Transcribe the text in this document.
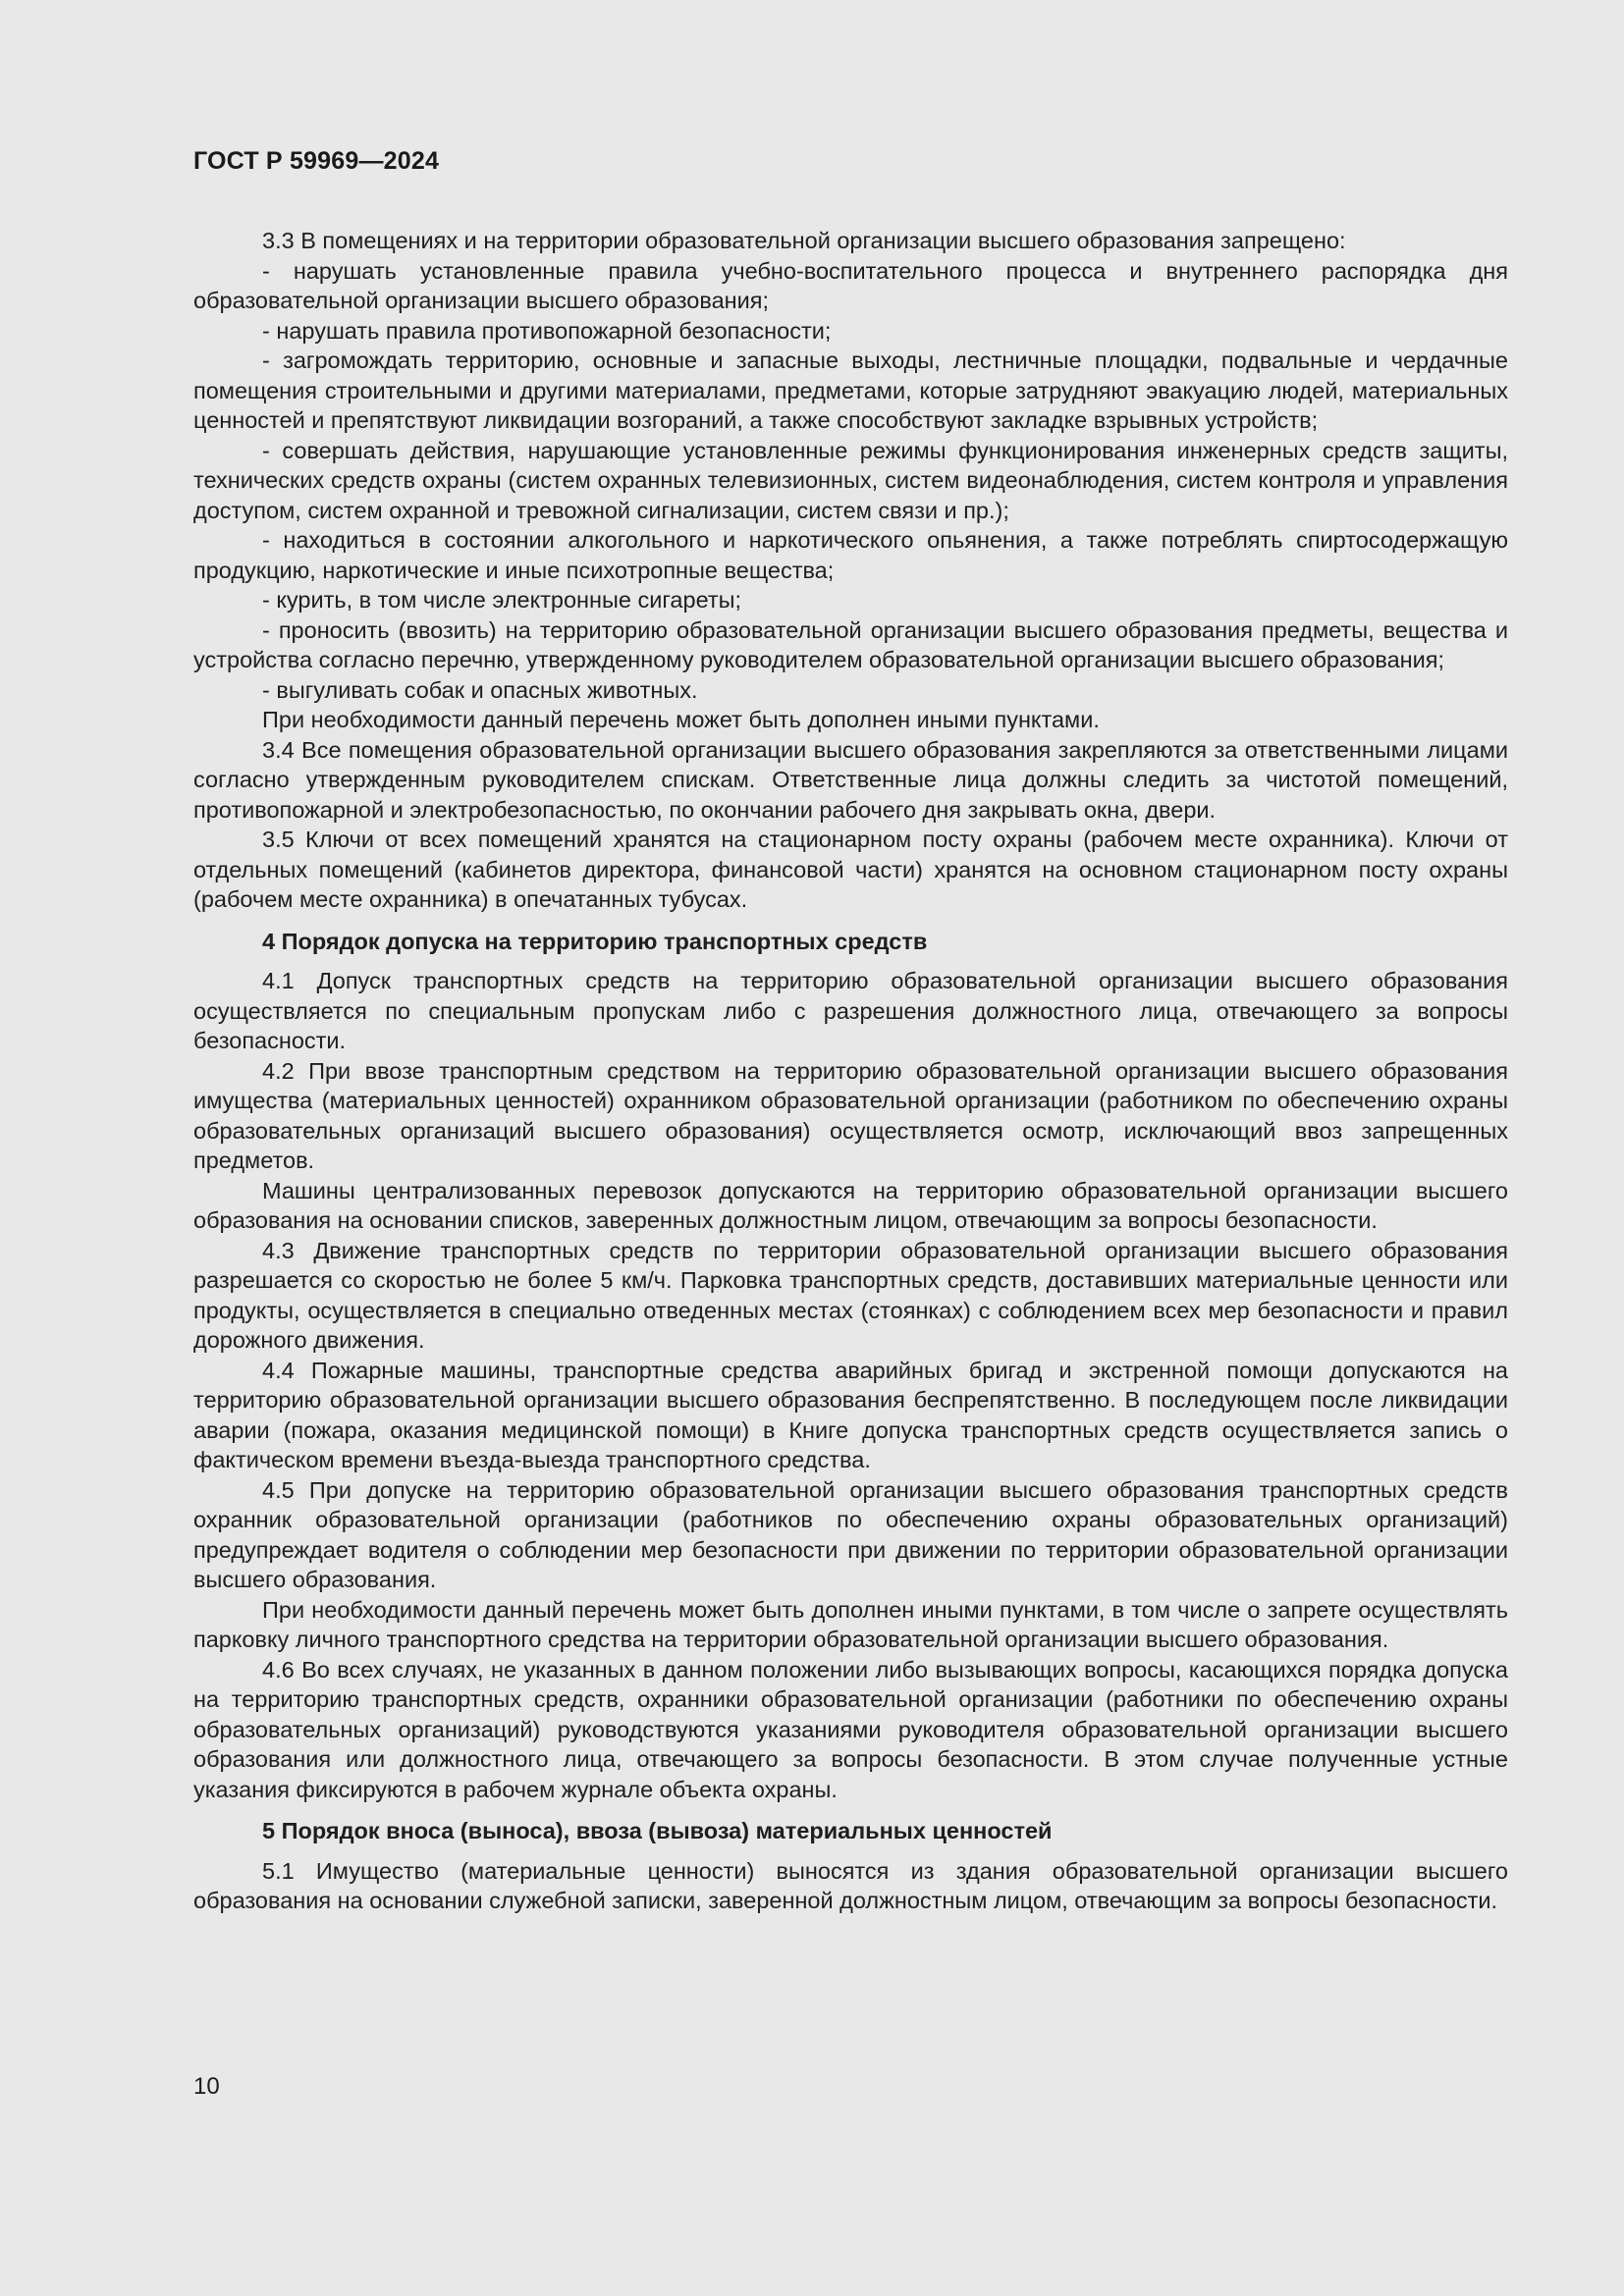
ГОСТ Р 59969—2024

3.3 В помещениях и на территории образовательной организации высшего образования запрещено:

- нарушать установленные правила учебно-воспитательного процесса и внутреннего распорядка дня образовательной организации высшего образования;

- нарушать правила противопожарной безопасности;

- загромождать территорию, основные и запасные выходы, лестничные площадки, подвальные и чердачные помещения строительными и другими материалами, предметами, которые затрудняют эвакуацию людей, материальных ценностей и препятствуют ликвидации возгораний, а также способствуют закладке взрывных устройств;

- совершать действия, нарушающие установленные режимы функционирования инженерных средств защиты, технических средств охраны (систем охранных телевизионных, систем видеонаблюдения, систем контроля и управления доступом, систем охранной и тревожной сигнализации, систем связи и пр.);

- находиться в состоянии алкогольного и наркотического опьянения, а также потреблять спиртосодержащую продукцию, наркотические и иные психотропные вещества;

- курить, в том числе электронные сигареты;

- проносить (ввозить) на территорию образовательной организации высшего образования предметы, вещества и устройства согласно перечню, утвержденному руководителем образовательной организации высшего образования;

- выгуливать собак и опасных животных.

При необходимости данный перечень может быть дополнен иными пунктами.

3.4 Все помещения образовательной организации высшего образования закрепляются за ответственными лицами согласно утвержденным руководителем спискам. Ответственные лица должны следить за чистотой помещений, противопожарной и электробезопасностью, по окончании рабочего дня закрывать окна, двери.

3.5 Ключи от всех помещений хранятся на стационарном посту охраны (рабочем месте охранника). Ключи от отдельных помещений (кабинетов директора, финансовой части) хранятся на основном стационарном посту охраны (рабочем месте охранника) в опечатанных тубусах.

4 Порядок допуска на территорию транспортных средств

4.1 Допуск транспортных средств на территорию образовательной организации высшего образования осуществляется по специальным пропускам либо с разрешения должностного лица, отвечающего за вопросы безопасности.

4.2 При ввозе транспортным средством на территорию образовательной организации высшего образования имущества (материальных ценностей) охранником образовательной организации (работником по обеспечению охраны образовательных организаций высшего образования) осуществляется осмотр, исключающий ввоз запрещенных предметов.

Машины централизованных перевозок допускаются на территорию образовательной организации высшего образования на основании списков, заверенных должностным лицом, отвечающим за вопросы безопасности.

4.3 Движение транспортных средств по территории образовательной организации высшего образования разрешается со скоростью не более 5 км/ч. Парковка транспортных средств, доставивших материальные ценности или продукты, осуществляется в специально отведенных местах (стоянках) с соблюдением всех мер безопасности и правил дорожного движения.

4.4 Пожарные машины, транспортные средства аварийных бригад и экстренной помощи допускаются на территорию образовательной организации высшего образования беспрепятственно. В последующем после ликвидации аварии (пожара, оказания медицинской помощи) в Книге допуска транспортных средств осуществляется запись о фактическом времени въезда-выезда транспортного средства.

4.5 При допуске на территорию образовательной организации высшего образования транспортных средств охранник образовательной организации (работников по обеспечению охраны образовательных организаций) предупреждает водителя о соблюдении мер безопасности при движении по территории образовательной организации высшего образования.

При необходимости данный перечень может быть дополнен иными пунктами, в том числе о запрете осуществлять парковку личного транспортного средства на территории образовательной организации высшего образования.

4.6 Во всех случаях, не указанных в данном положении либо вызывающих вопросы, касающихся порядка допуска на территорию транспортных средств, охранники образовательной организации (работники по обеспечению охраны образовательных организаций) руководствуются указаниями руководителя образовательной организации высшего образования или должностного лица, отвечающего за вопросы безопасности. В этом случае полученные устные указания фиксируются в рабочем журнале объекта охраны.

5 Порядок вноса (выноса), ввоза (вывоза) материальных ценностей

5.1 Имущество (материальные ценности) выносятся из здания образовательной организации высшего образования на основании служебной записки, заверенной должностным лицом, отвечающим за вопросы безопасности.

10
